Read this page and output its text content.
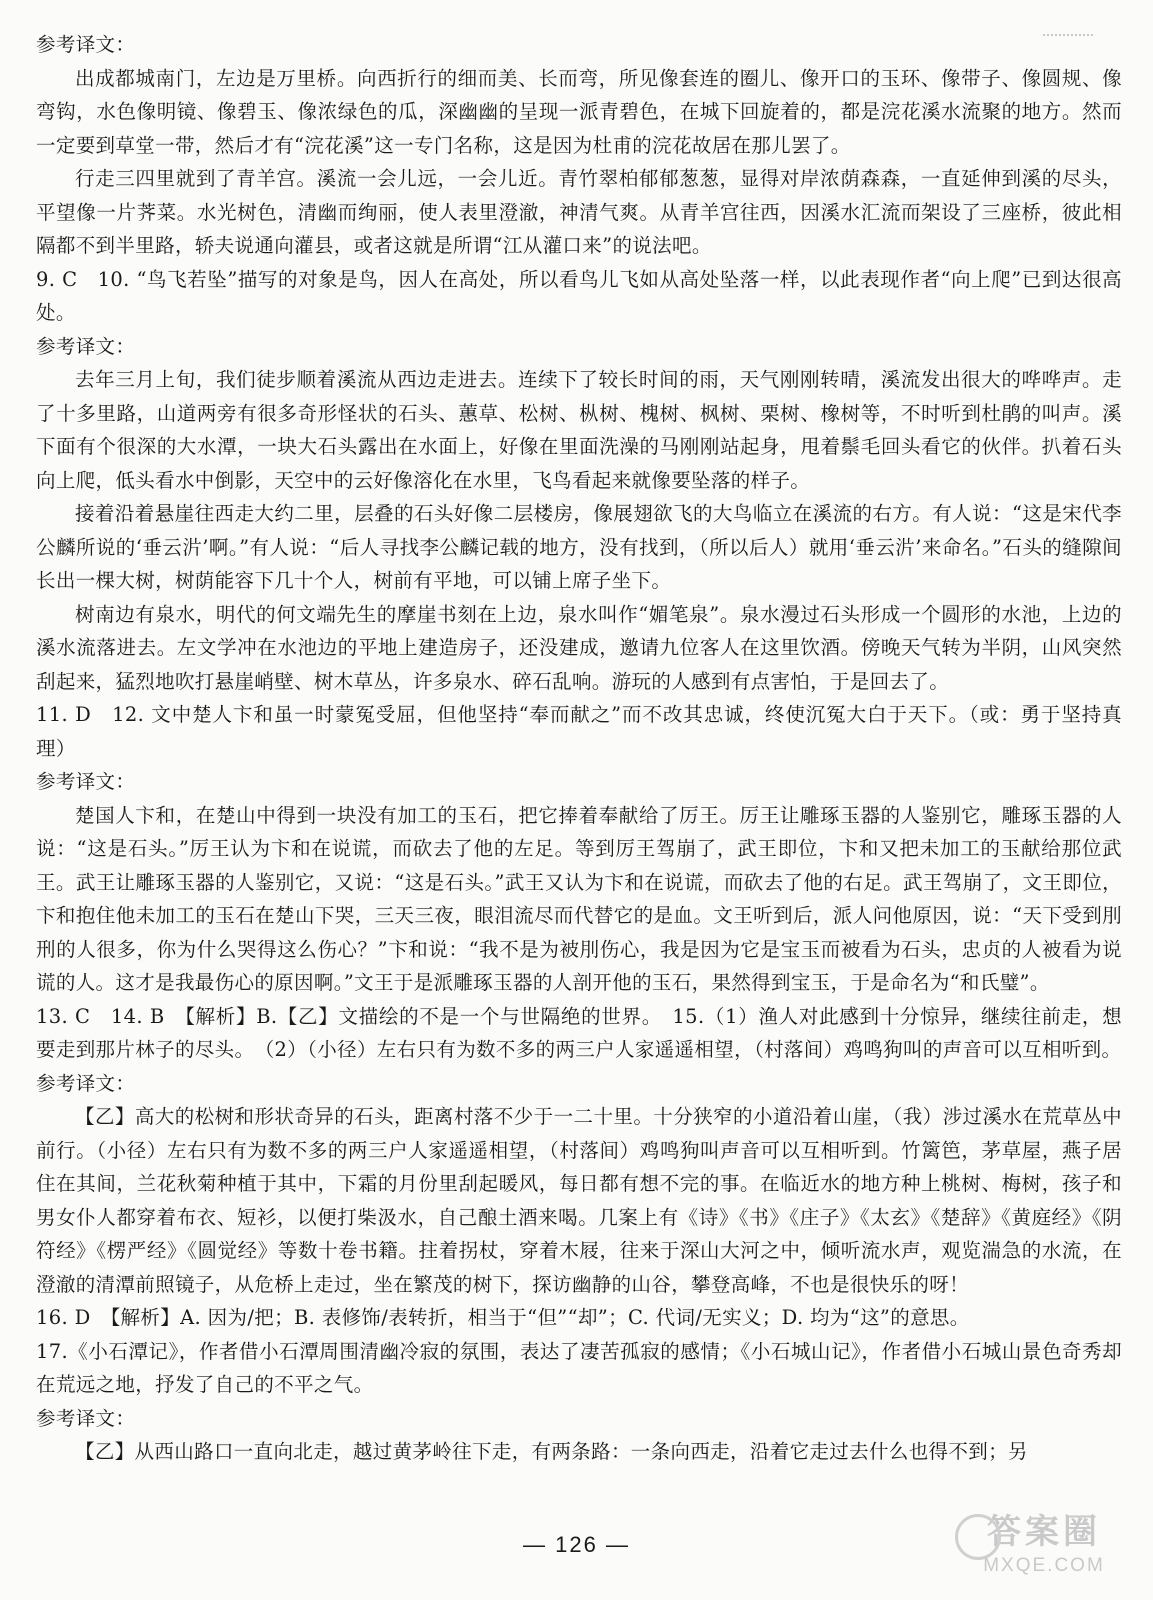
参考译文：

出成都城南门，左边是万里桥。向西折行的细而美、长而弯，所见像套连的圈儿、像开口的玉环、像带子、像圆规、像弯钩，水色像明镜、像碧玉、像浓绿色的瓜，深幽幽的呈现一派青碧色，在城下回旋着的，都是浣花溪水流聚的地方。然而一定要到草堂一带，然后才有“浣花溪”这一专门名称，这是因为杜甫的浣花故居在那儿罢了。

行走三四里就到了青羊宫。溪流一会儿远，一会儿近。青竹翠柏郁郁葱葱，显得对岸浓荫森森，一直延伸到溪的尽头，平望像一片荠菜。水光树色，清幽而绚丽，使人表里澄澈，神清气爽。从青羊宫往西，因溪水汇流而架设了三座桥，彼此相隔都不到半里路，轿夫说通向灌县，或者这就是所谓“江从灌口来”的说法吧。

9. C　10. “鸟飞若坠”描写的对象是鸟，因人在高处，所以看鸟儿飞如从高处坠落一样，以此表现作者“向上爬”已到达很高处。

参考译文：

去年三月上旬，我们徒步顺着溪流从西边走进去。连续下了较长时间的雨，天气刚刚转晴，溪流发出很大的哗哗声。走了十多里路，山道两旁有很多奇形怪状的石头、蕙草、松树、枞树、槐树、枫树、栗树、橡树等，不时听到杜鹃的叫声。溪下面有个很深的大水潭，一块大石头露出在水面上，好像在里面洗澡的马刚刚站起身，甩着鬃毛回头看它的伙伴。扒着石头向上爬，低头看水中倒影，天空中的云好像溶化在水里，飞鸟看起来就像要坠落的样子。

接着沿着悬崖往西走大约二里，层叠的石头好像二层楼房，像展翅欲飞的大鸟临立在溪流的右方。有人说：“这是宋代李公麟所说的‘垂云沜’啊。”有人说：“后人寻找李公麟记载的地方，没有找到，（所以后人）就用‘垂云沜’来命名。”石头的缝隙间长出一棵大树，树荫能容下几十个人，树前有平地，可以铺上席子坐下。

树南边有泉水，明代的何文端先生的摩崖书刻在上边，泉水叫作“媚笔泉”。泉水漫过石头形成一个圆形的水池，上边的溪水流落进去。左文学冲在水池边的平地上建造房子，还没建成，邀请九位客人在这里饮酒。傍晚天气转为半阴，山风突然刮起来，猛烈地吹打悬崖峭壁、树木草丛，许多泉水、碎石乱响。游玩的人感到有点害怕，于是回去了。

11. D　12. 文中楚人卞和虽一时蒙冤受屈，但他坚持“奉而献之”而不改其忠诚，终使沉冤大白于天下。（或：勇于坚持真理）

参考译文：

楚国人卞和，在楚山中得到一块没有加工的玉石，把它捧着奉献给了厉王。厉王让雕琢玉器的人鉴别它，雕琢玉器的人说：“这是石头。”厉王认为卞和在说谎，而砍去了他的左足。等到厉王驾崩了，武王即位，卞和又把未加工的玉献给那位武王。武王让雕琢玉器的人鉴别它，又说：“这是石头。”武王又认为卞和在说谎，而砍去了他的右足。武王驾崩了，文王即位，卞和抱住他未加工的玉石在楚山下哭，三天三夜，眼泪流尽而代替它的是血。文王听到后，派人问他原因，说：“天下受到刖刑的人很多，你为什么哭得这么伤心？”卞和说：“我不是为被刖伤心，我是因为它是宝玉而被看为石头，忠贞的人被看为说谎的人。这才是我最伤心的原因啊。”文王于是派雕琢玉器的人剖开他的玉石，果然得到宝玉，于是命名为“和氏璧”。

13. C　14. B　【解析】B.【乙】文描绘的不是一个与世隔绝的世界。　15.（1）渔人对此感到十分惊异，继续往前走，想要走到那片林子的尽头。　（2）（小径）左右只有为数不多的两三户人家遥遥相望，（村落间）鸡鸣狗叫的声音可以互相听到。

参考译文：

【乙】高大的松树和形状奇异的石头，距离村落不少于一二十里。十分狭窄的小道沿着山崖，（我）涉过溪水在荒草丛中前行。（小径）左右只有为数不多的两三户人家遥遥相望，（村落间）鸡鸣狗叫声音可以互相听到。竹篱笆，茅草屋，燕子居住在其间，兰花秋菊种植于其中，下霜的月份里刮起暖风，每日都有想不完的事。在临近水的地方种上桃树、梅树，孩子和男女仆人都穿着布衣、短衫，以便打柴汲水，自己酿土酒来喝。几案上有《诗》《书》《庄子》《太玄》《楚辞》《黄庭经》《阴符经》《楞严经》《圆觉经》等数十卷书籍。拄着拐杖，穿着木屐，往来于深山大河之中，倾听流水声，观览湍急的水流，在澄澈的清潭前照镜子，从危桥上走过，坐在繁茂的树下，探访幽静的山谷，攀登高峰，不也是很快乐的呀！

16. D　【解析】A. 因为/把；B. 表修饰/表转折，相当于“但”“却”；C. 代词/无实义；D. 均为“这”的意思。

17.《小石潭记》，作者借小石潭周围清幽冷寂的氛围，表达了凄苦孤寂的感情；《小石城山记》，作者借小石城山景色奇秀却在荒远之地，抒发了自己的不平之气。

参考译文：

【乙】从西山路口一直向北走，越过黄茅岭往下走，有两条路：一条向西走，沿着它走过去什么也得不到；另

— 126 —	答案圈
MXQE.COM
